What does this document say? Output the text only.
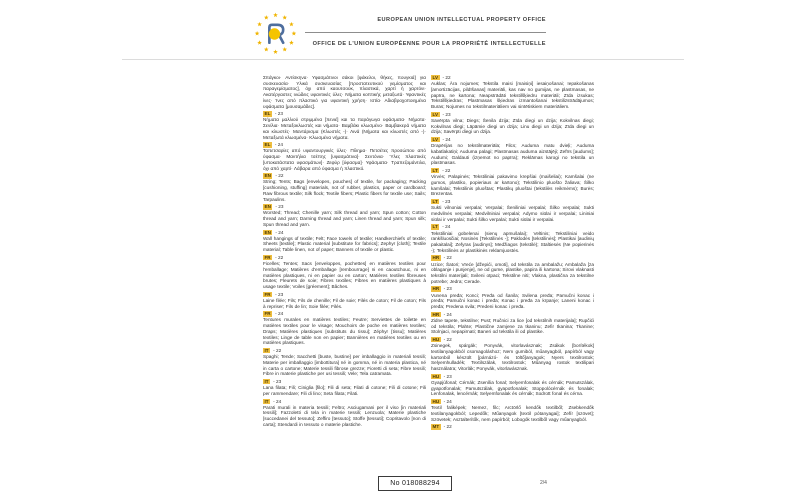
EUROPEAN UNION INTELLECTUAL PROPERTY OFFICE
OFFICE DE L'UNION EUROPÉENNE POUR LA PROPRIÉTÉ INTELLECTUELLE
Σπάγκοι· Αντίσκηνα· Υφασμάτινοι σάκοι [φάκελοι, θήκες, πουγκιά] για συσκευασία· Υλικά συσκευασίας [προστατευτικού γεμίσματος και παραγεμίσματος], όχι από καουτσούκ, πλαστικά, χαρτί ή χαρτόνι· Ακατέργαστες ινώδεις υφαντικές ύλες· Νήματα κοπτικής μεταξωτά· Υφαντικές ίνες· Ίνες από πλαστικό για υφαντική χρήση· Ιστία· Αδιαβροχοποιημένα υφάσματα [μουσαμάδες].
EL - 23
Νήματα μαλλιού στριμμένα [πενιέ] και τα παράγωγα υφάσματα· Νήματα· Σενίλια· Μεταξοκλωστές και νήματα· Βαμβάκι κλωσμένο· Βαμβακερά νήματα και κλωστές· Μαντάρισμα (Κλωστές -)· Λινά (Νήματα και κλωστές από -)· Μεταξωτά κλωσμένα· Κλωσμένα νήματα.
EL - 24
Ταπετσαρίες από υφαντουργικές ύλες· Πίλημα· Πετσέτες προσώπου από ύφασμα· Μαντήλια τσέπης [υφασμάτινα]· Σεντόνια· Ύλες πλαστικές [υποκατάστατα υφασμάτων]· Ζεφύρ [ύφασμα]· Υφάσματα· Τραπεζομάντιλα, όχι από χαρτί· Λάβαρα από ύφασμα ή πλαστικό.
EN - 22
String; Tents; Bags [envelopes, pouches] of textile, for packaging; Packing [cushioning, stuffing] materials, not of rubber, plastics, paper or cardboard; Raw fibrous textile; Silk flock; Textile fibers; Plastic fibers for textile use; Sails; Tarpaulins.
EN - 23
Worsted; Thread; Chenille yarn; Silk thread and yarn; Spun cotton; Cotton thread and yarn; Darning thread and yarn; Linen thread and yarn; Spun silk; Spun thread and yarn.
EN - 24
Wall hangings of textile; Felt; Face towels of textile; Handkerchiefs of textile; Sheets [textile]; Plastic material [substitute for fabrics]; Zephyr [cloth]; Textile material; Table linen, not of paper; Banners of textile or plastic.
FR - 22
Ficelles; Tentes; Sacs [enveloppes, pochettes] en matières textiles pour l'emballage; Matières d'emballage [rembourrage] ni en caoutchouc, ni en matières plastiques, ni en papier ou en carton; Matières textiles fibreuses brutes; Fleurets de soie; Fibres textiles; Fibres en matières plastiques à usage textile; Voiles [gréement]; Bâches.
FR - 23
Laine filée; Fils; Fils de chenille; Fil de soie; Filés de coton; Fil de coton; Fils à repriser; Fils de lin; Soie filée; Filés.
FR - 24
Tentures murales en matières textiles; Feutre; Serviettes de toilette en matières textiles pour le visage; Mouchoirs de poche en matières textiles; Draps; Matières plastiques [substituts du tissu]; Zéphyr [tissu]; Matières textiles; Linge de table non en papier; Bannières en matières textiles ou en matières plastiques.
IT - 22
Spaghi; Tende; Sacchetti [buste, bustine] per imballaggio in materiali tessili; Materie per imballaggio [imbottitura] né in gomma, né in materia plastica, né in carta o cartone; Materie tessili fibrose grezze; Fioretti di seta; Fibre tessili; Fibre in materie plastiche per usi tessili; Vele; Tela catramata.
IT - 23
Lana filata; Fili; Ciniglia [filo]; Fili di seta; Filati di cotone; Fili di cotone; Fili per rammendare; Fili di lino; Seta filata; Filati.
IT - 24
Parati murali in materia tessili; Feltro; Asciugamani per il viso [in materiali tessili]; Fazzoletti di tela in materie tessili; Lenzuola; Materie plastiche [succedanei del tessuto]; Zeffiro [tessuto]; Stoffe [tessuti]; Copritavolo [non di carta]; Stendardi in tessuto o materie plastiche.
LV - 22
Auklas; Āra nojumes; Tekstila maisi [maisiņi] iesaiņošanai; Iepakošanas [amortizācijas, pildīšanas] materiāli, kas nav no gumijas, ne plastmasas, ne papīra, ne kartona; Neapstrādāti tekstilšķiedru materiāli; Zīda izsukas; Tekstilšķiedras; Plastmasas šķiedras izmantošanai tekstilizstrādājumos; Buras; Nojumes no tekstilmateriāliem vai sintētiskiem materiāliem.
LV - 23
Savērpta vilna; Diegs; Šenila dzija; Zīda diegi un dzija; Kokvilnas diegi; Kokvilnas diegi; Lāpāmie diegi un dzija; Linu diegi un dzija; Zīda diegi un dzija; Savērpti diegi un dzija.
LV - 24
Drapērijas no tekstilmateriāla; Filcs; Auduma matu dvieļi; Auduma kabatlakatiņi; Auduma palagi; Plastmasas auduma aizstājēji; Zefīrs [audums]; Audumi; Galdauti (izņemot no papīra); Reklāmas karogi no tekstila un plastmasas.
LT - 22
Virvės; Palapinės; Tekstiliniai pakavimo krepšiai (maišeliai); Kamšalai (ne gumos, plastiko, popieriaus ar kartono); Tekstilinio pluošto žaliava; Šilko kamšalai; Tekstilinis pluoštas; Plastikų pluoštai (tekstilės reikmėms); Burės; Brezentas.
LT - 23
Sukti vilnoniai verpalai; Verpalai; Šeniliniai verpalai; Šilko verpalai; Sukti medvilnės verpalai; Medvilniniai verpalai; Adymo siūlai ir verpalai; Lininiai siūlai ir verpalai; Sukti šilko verpalai; Sukti siūlai ir verpalai.
LT - 24
Tekstiliniai gobelenai (sienų apmušalai); Veltinis; Tekstiliniai veido rankšluosčiai; Nosinės [Tekstilinės -]; Paklodės [tekstilinės]; Plastikai [audinių pakaitalai]; Zefyras [audinys]; Medžiagos (tekstilė); Staltiesės (Ne popierinės -); Tekstilinės ar plastikinės reklamjuostės.
HR - 22
Uzice; Šatori; Vreće [džepići, omoti], od tekstila za ambalažu; Ambalaža [za oblaganje i punjenje], ne od gume, plastike, papira ili kartona; Sirovi vlaknasti tekstilni materijali; Svileni otpaci; Tekstilne niti; Vlakna, plastična za tekstilne potrebe; Jedra; Cerade.
HR - 23
Vunena pređa; Konci; Pređa od šanila; Svilena pređa; Pamučni konac i pređa; Pamučni konac i pređa; Konac i pređa za krpanje; Laneni konac i pređa; Predena svila; Predeni konac i pređa.
HR - 24
Zidne tapete, tekstilne; Pust; Ručnici za lice [od tekstilnih materijala]; Rupčići od tekstila; Plahte; Plastične zamjene za tkaninu; Zefir tkanina; Tkanine; Stolnjaci, nepapirnati; Baneri od tekstila ili od plastike.
HU - 22
Zsinegek, spárgák; Ponyvák, vitorlavásznak; Zsákok [borítékok] textilanyagokból csomagoláshoz; Nem gumiból, műanyagból, papírból vagy kartonból készült [párnázó- és töltő]anyagok; Nyers textilrostok; Selyemhulladék; Textilszálak, textilrostok; Műanyag rostok textilipari használatra; Vitorlák; Ponyvák, vitorlavásznak.
HU - 23
Gyapjúfonal; Cérnák; Zsenília fonal; Selyemfonalak és cérnák; Pamutszálak, gyapotfonalak; Pamutszálak, gyapotfonalak; Stoppolócérnák és fonalak; Lenfonalak, lencérnák; Selyemfonalak és cérnák; Sodrott fonal és cérna.
HU - 24
Textil faliképek; Nemez, filc; Arctörlő kendők textilből; Zsebkendők textilanyagokból; Lepedők; Műanyagok [textil pótanyagai]; Zefír [szövet]; Szövetek; Asztalterítők, nem papírból; Lobogók textilből vagy műanyagból.
MT - 22
No 018088294	2/4
